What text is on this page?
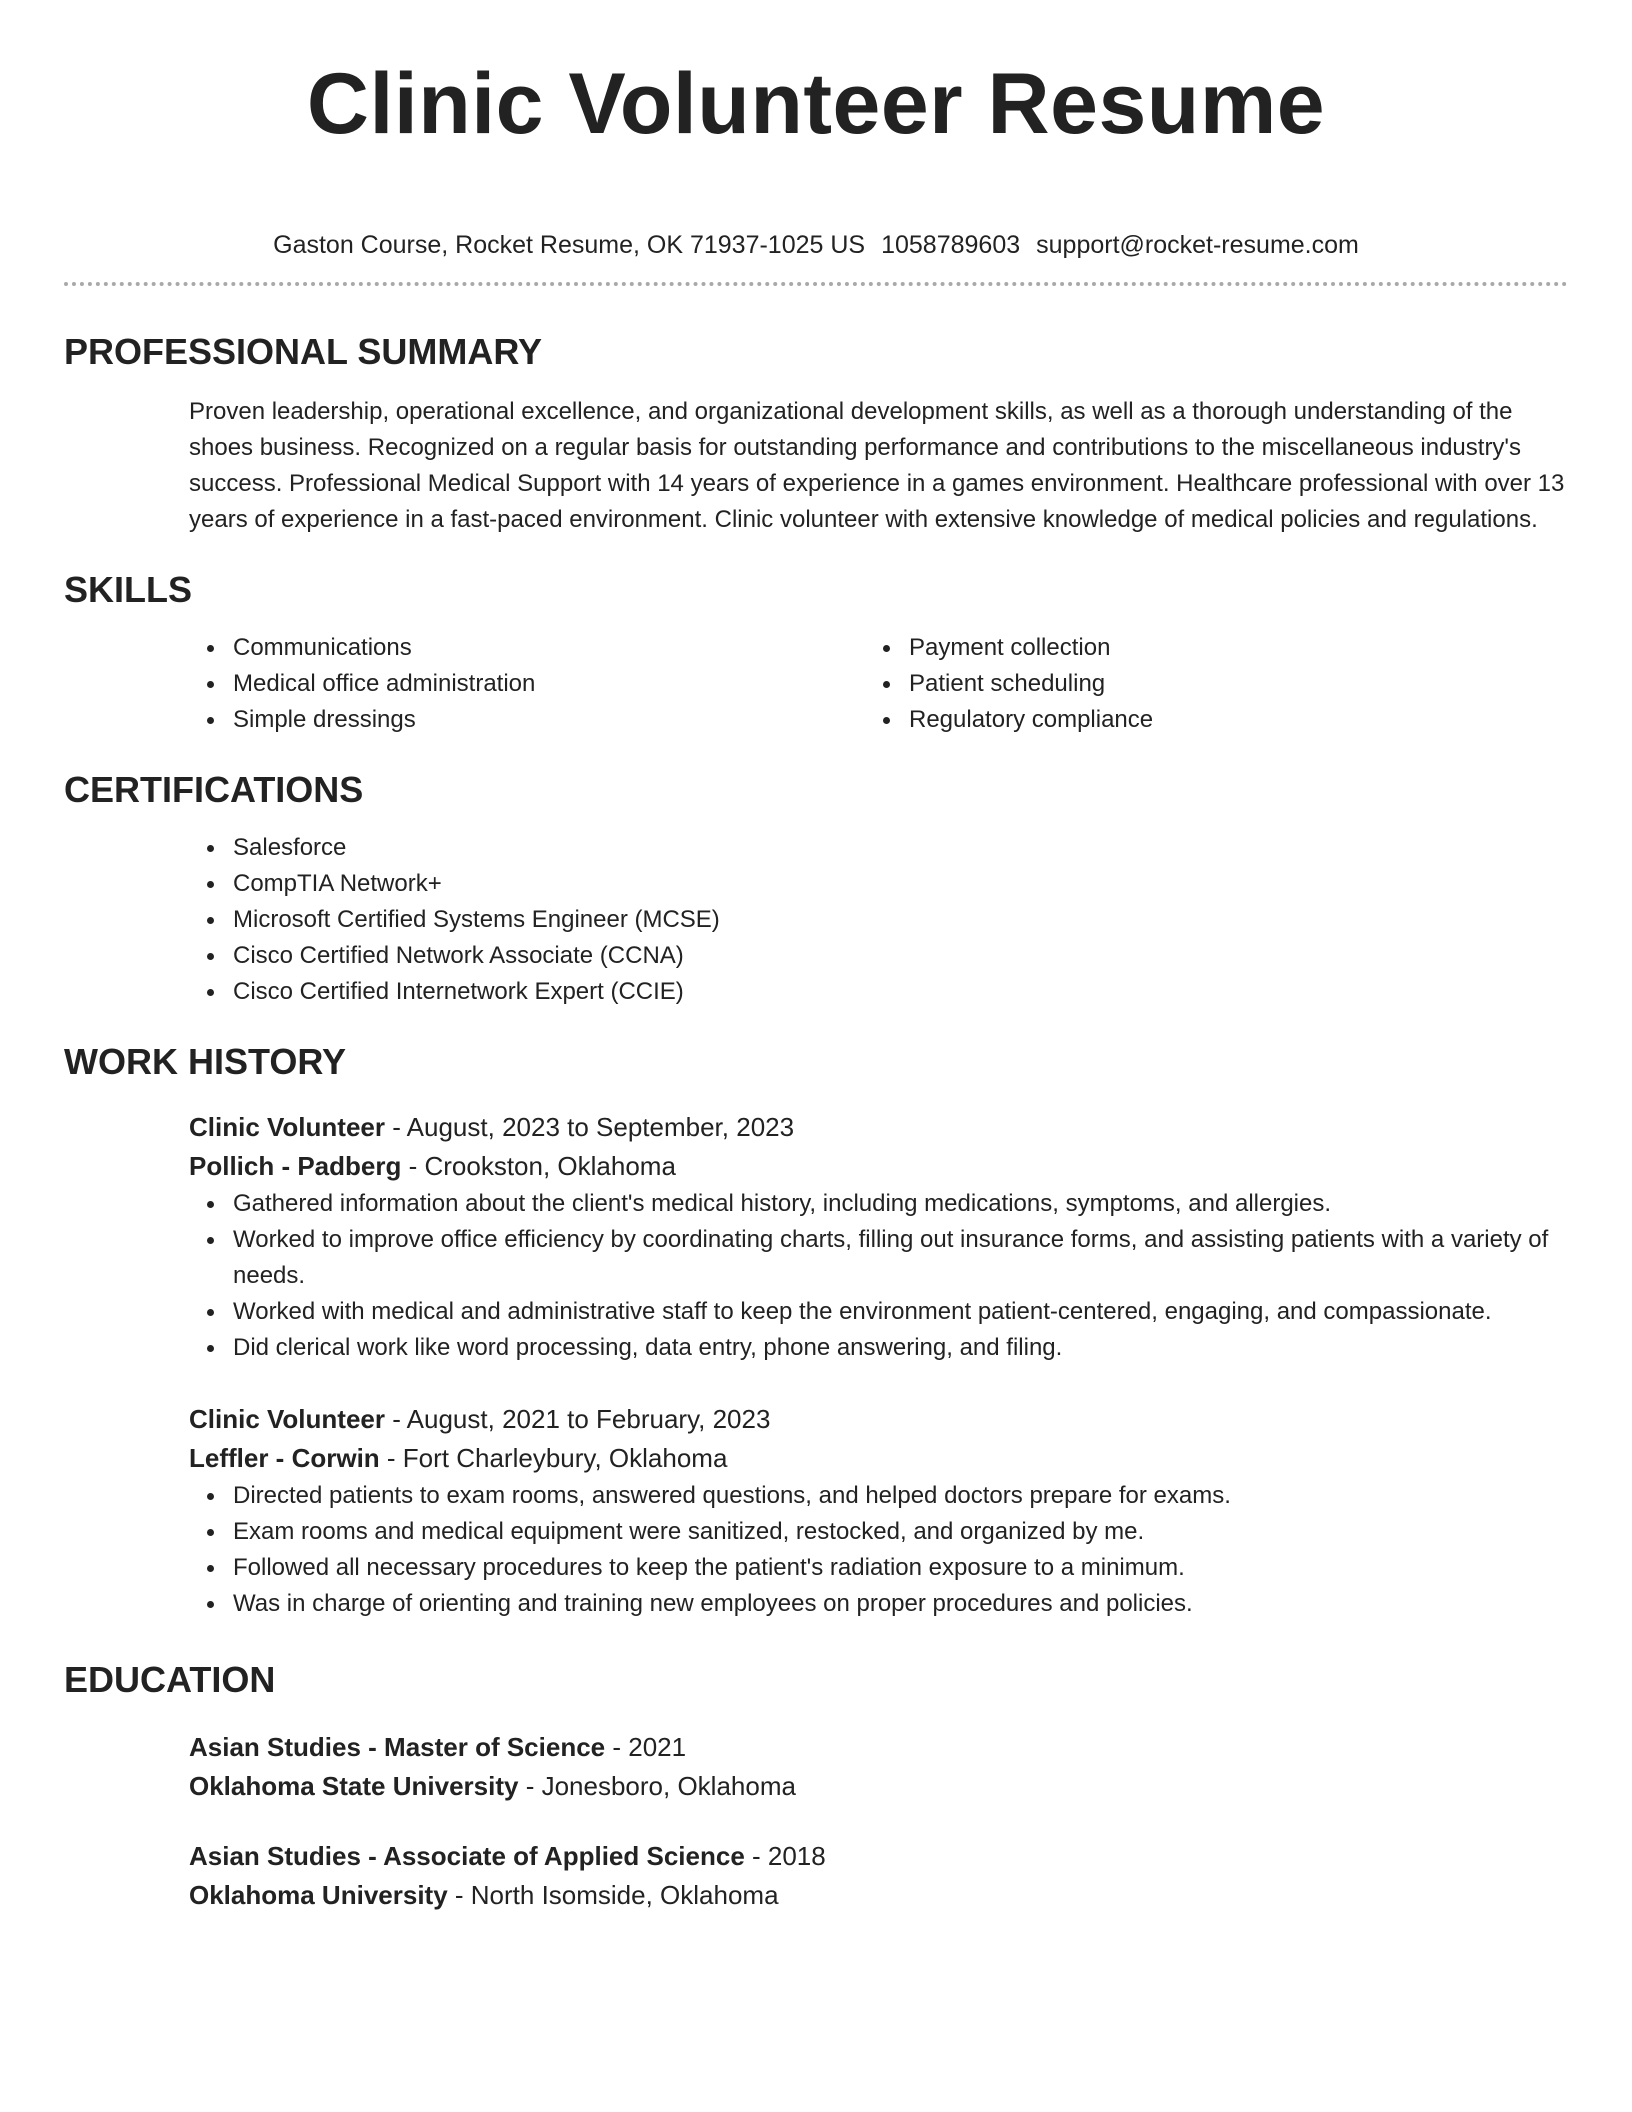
Clinic Volunteer Resume
Gaston Course, Rocket Resume, OK 71937-1025 US 1058789603 support@rocket-resume.com
PROFESSIONAL SUMMARY
Proven leadership, operational excellence, and organizational development skills, as well as a thorough understanding of the shoes business. Recognized on a regular basis for outstanding performance and contributions to the miscellaneous industry's success. Professional Medical Support with 14 years of experience in a games environment. Healthcare professional with over 13 years of experience in a fast-paced environment. Clinic volunteer with extensive knowledge of medical policies and regulations.
SKILLS
Communications
Medical office administration
Simple dressings
Payment collection
Patient scheduling
Regulatory compliance
CERTIFICATIONS
Salesforce
CompTIA Network+
Microsoft Certified Systems Engineer (MCSE)
Cisco Certified Network Associate (CCNA)
Cisco Certified Internetwork Expert (CCIE)
WORK HISTORY
Clinic Volunteer - August, 2023 to September, 2023
Pollich - Padberg - Crookston, Oklahoma
Gathered information about the client's medical history, including medications, symptoms, and allergies.
Worked to improve office efficiency by coordinating charts, filling out insurance forms, and assisting patients with a variety of needs.
Worked with medical and administrative staff to keep the environment patient-centered, engaging, and compassionate.
Did clerical work like word processing, data entry, phone answering, and filing.
Clinic Volunteer - August, 2021 to February, 2023
Leffler - Corwin - Fort Charleybury, Oklahoma
Directed patients to exam rooms, answered questions, and helped doctors prepare for exams.
Exam rooms and medical equipment were sanitized, restocked, and organized by me.
Followed all necessary procedures to keep the patient's radiation exposure to a minimum.
Was in charge of orienting and training new employees on proper procedures and policies.
EDUCATION
Asian Studies - Master of Science - 2021
Oklahoma State University - Jonesboro, Oklahoma
Asian Studies - Associate of Applied Science - 2018
Oklahoma University - North Isomside, Oklahoma
